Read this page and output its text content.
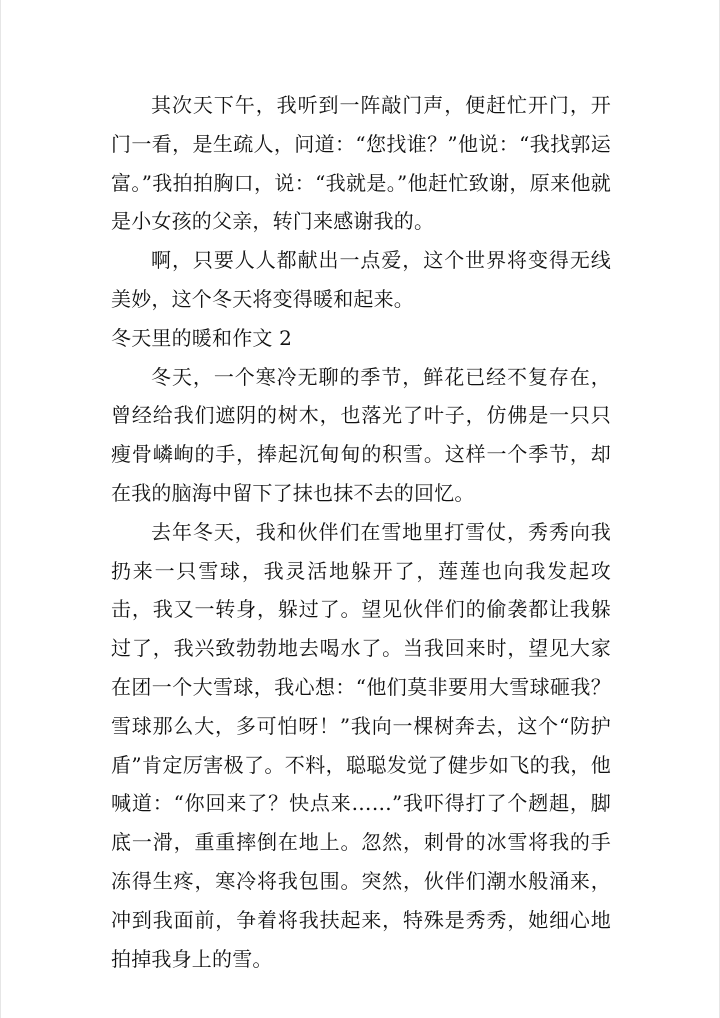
其次天下午，我听到一阵敲门声，便赶忙开门，开门一看，是生疏人，问道：“您找谁？”他说：“我找郭运富。”我拍拍胸口，说：“我就是。”他赶忙致谢，原来他就是小女孩的父亲，转门来感谢我的。

啊，只要人人都献出一点爱，这个世界将变得无线美妙，这个冬天将变得暖和起来。

冬天里的暖和作文 2

冬天，一个寒冷无聊的季节，鲜花已经不复存在，曾经给我们遮阴的树木，也落光了叶子，仿佛是一只只瘦骨嶙峋的手，捧起沉甸甸的积雪。这样一个季节，却在我的脑海中留下了抹也抹不去的回忆。

去年冬天，我和伙伴们在雪地里打雪仗，秀秀向我扔来一只雪球，我灵活地躲开了，莲莲也向我发起攻击，我又一转身，躲过了。望见伙伴们的偷袭都让我躲过了，我兴致勃勃地去喝水了。当我回来时，望见大家在团一个大雪球，我心想：“他们莫非要用大雪球砸我？雪球那么大，多可怕呀！”我向一棵树奔去，这个“防护盾”肯定厉害极了。不料，聪聪发觉了健步如飞的我，他喊道：“你回来了？快点来……”我吓得打了个趔趄，脚底一滑，重重摔倒在地上。忽然，刺骨的冰雪将我的手冻得生疼，寒冷将我包围。突然，伙伴们潮水般涌来，冲到我面前，争着将我扶起来，特殊是秀秀，她细心地拍掉我身上的雪。
